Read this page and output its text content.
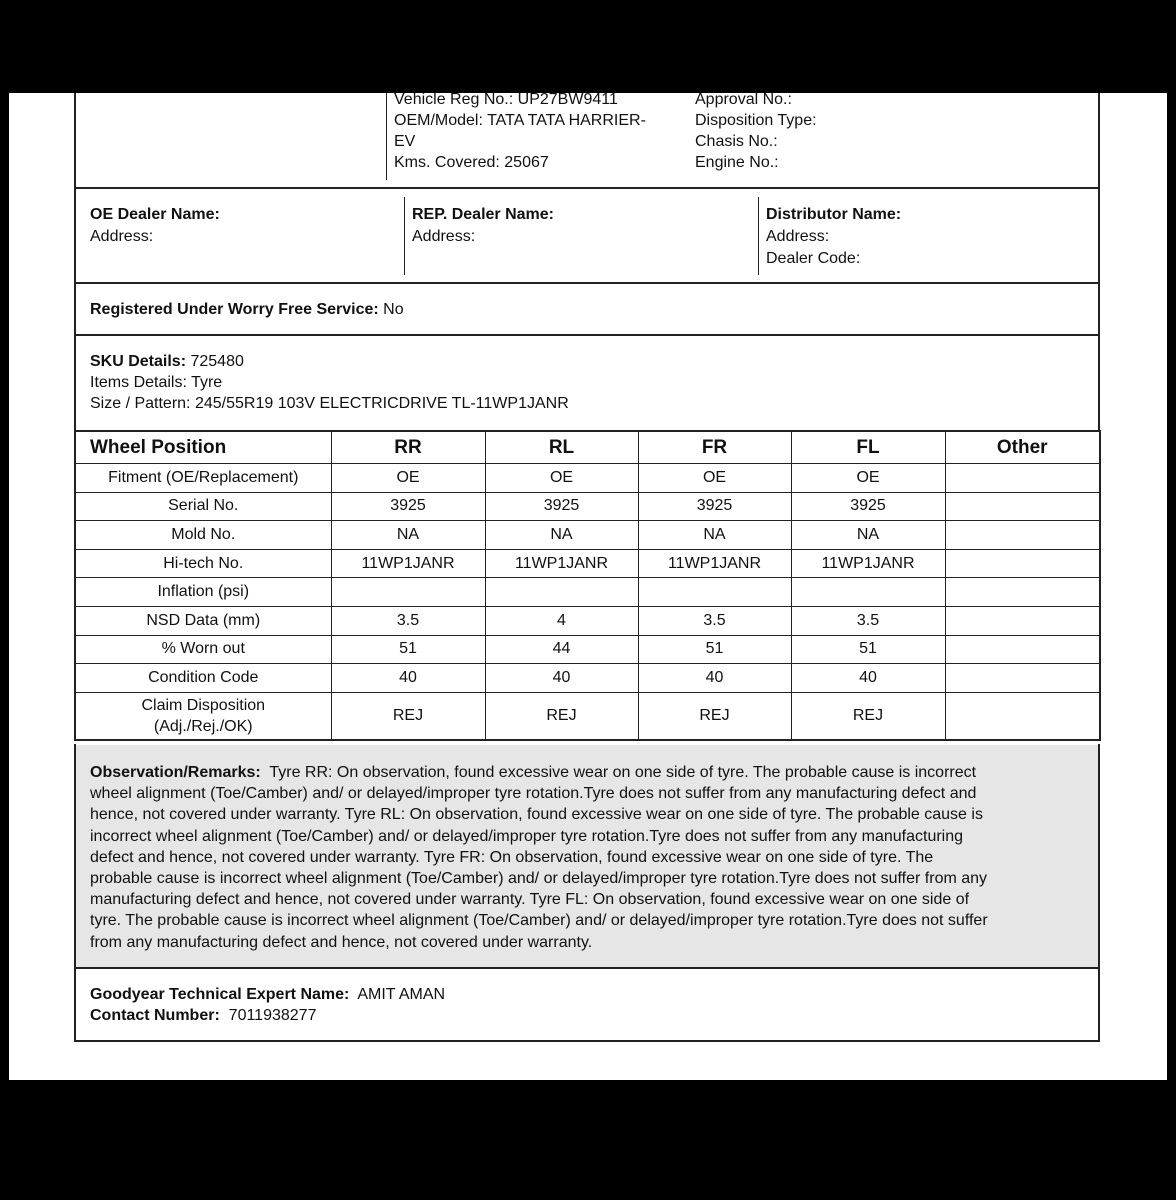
Vehicle Reg No.: UP27BW9411
OEM/Model: TATA TATA HARRIER-
EV
Kms. Covered: 25067
Approval No.:
Disposition Type:
Chasis No.:
Engine No.:
OE Dealer Name:
Address:
REP. Dealer Name:
Address:
Distributor Name:
Address:
Dealer Code:
Registered Under Worry Free Service: No
SKU Details: 725480
Items Details: Tyre
Size / Pattern: 245/55R19 103V ELECTRICDRIVE TL-11WP1JANR
Wheel Position	RR	RL	FR	FL	Other
Fitment (OE/Replacement)	OE	OE	OE	OE	
Serial No.	3925	3925	3925	3925	
Mold No.	NA	NA	NA	NA	
Hi-tech No.	11WP1JANR	11WP1JANR	11WP1JANR	11WP1JANR	
Inflation (psi)					
NSD Data (mm)	3.5	4	3.5	3.5	
% Worn out	51	44	51	51	
Condition Code	40	40	40	40	

Claim Disposition
(Adj./Rej./OK)	REJ	REJ	REJ	REJ	
Observation/Remarks: Tyre RR: On observation, found excessive wear on one side of tyre. The probable cause is incorrect
wheel alignment (Toe/Camber) and/ or delayed/improper tyre rotation.Tyre does not suffer from any manufacturing defect and
hence, not covered under warranty. Tyre RL: On observation, found excessive wear on one side of tyre. The probable cause is
incorrect wheel alignment (Toe/Camber) and/ or delayed/improper tyre rotation.Tyre does not suffer from any manufacturing
defect and hence, not covered under warranty. Tyre FR: On observation, found excessive wear on one side of tyre. The
probable cause is incorrect wheel alignment (Toe/Camber) and/ or delayed/improper tyre rotation.Tyre does not suffer from any
manufacturing defect and hence, not covered under warranty. Tyre FL: On observation, found excessive wear on one side of
tyre. The probable cause is incorrect wheel alignment (Toe/Camber) and/ or delayed/improper tyre rotation.Tyre does not suffer
from any manufacturing defect and hence, not covered under warranty.
Goodyear Technical Expert Name: AMIT AMAN
Contact Number: 7011938277
